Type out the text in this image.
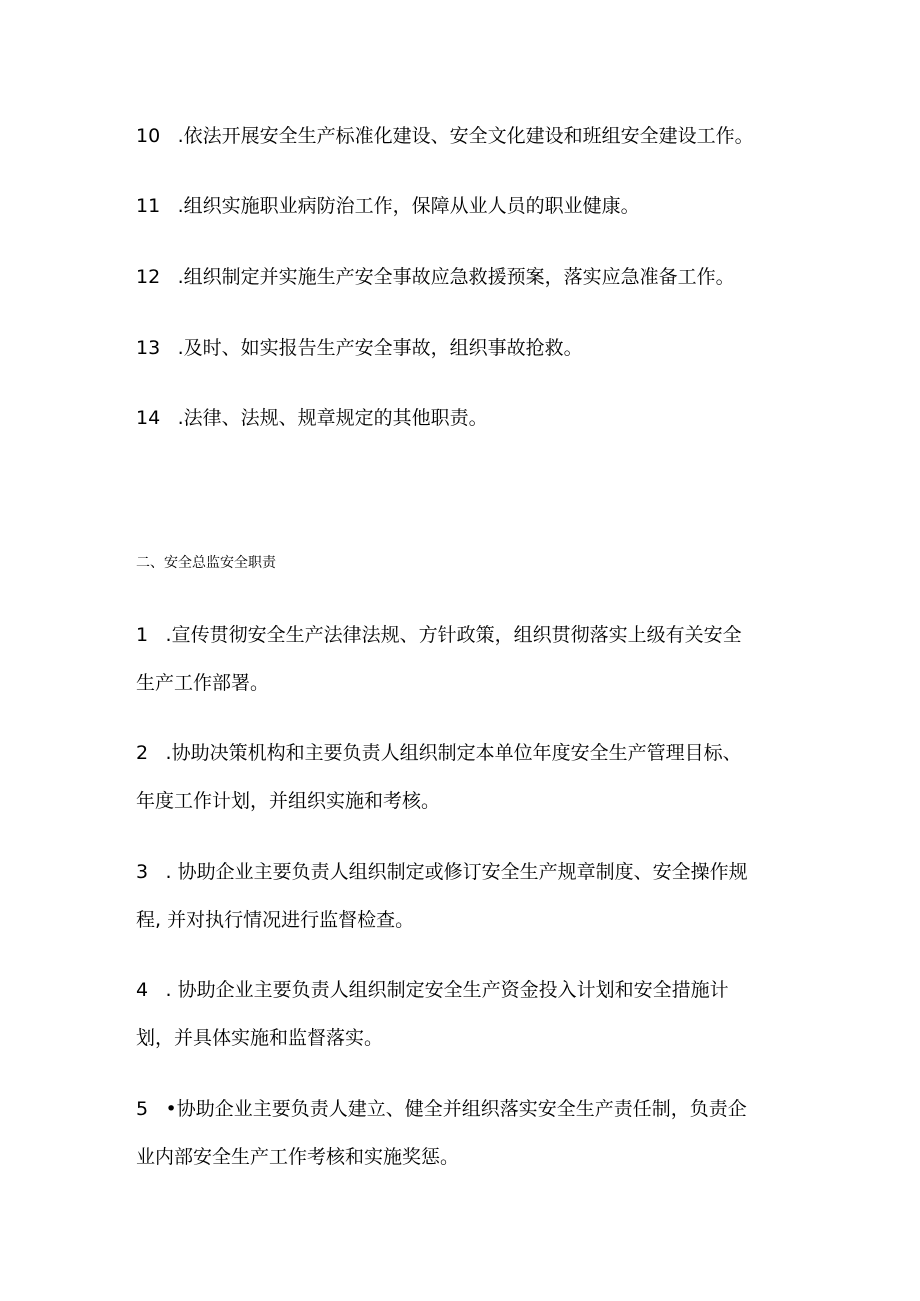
10 .依法开展安全生产标准化建设、安全文化建设和班组安全建设工作。
11 .组织实施职业病防治工作，保障从业人员的职业健康。
12 .组织制定并实施生产安全事故应急救援预案，落实应急准备工作。
13 .及时、如实报告生产安全事故，组织事故抢救。
14 .法律、法规、规章规定的其他职责。
二、安全总监安全职责
1 .宣传贯彻安全生产法律法规、方针政策，组织贯彻落实上级有关安全
生产工作部署。
2 .协助决策机构和主要负责人组织制定本单位年度安全生产管理目标、
年度工作计划，并组织实施和考核。
3 . 协助企业主要负责人组织制定或修订安全生产规章制度、安全操作规
程, 并对执行情况进行监督检查。
4 . 协助企业主要负责人组织制定安全生产资金投入计划和安全措施计
划，并具体实施和监督落实。
5 •协助企业主要负责人建立、健全并组织落实安全生产责任制，负责企
业内部安全生产工作考核和实施奖惩。
